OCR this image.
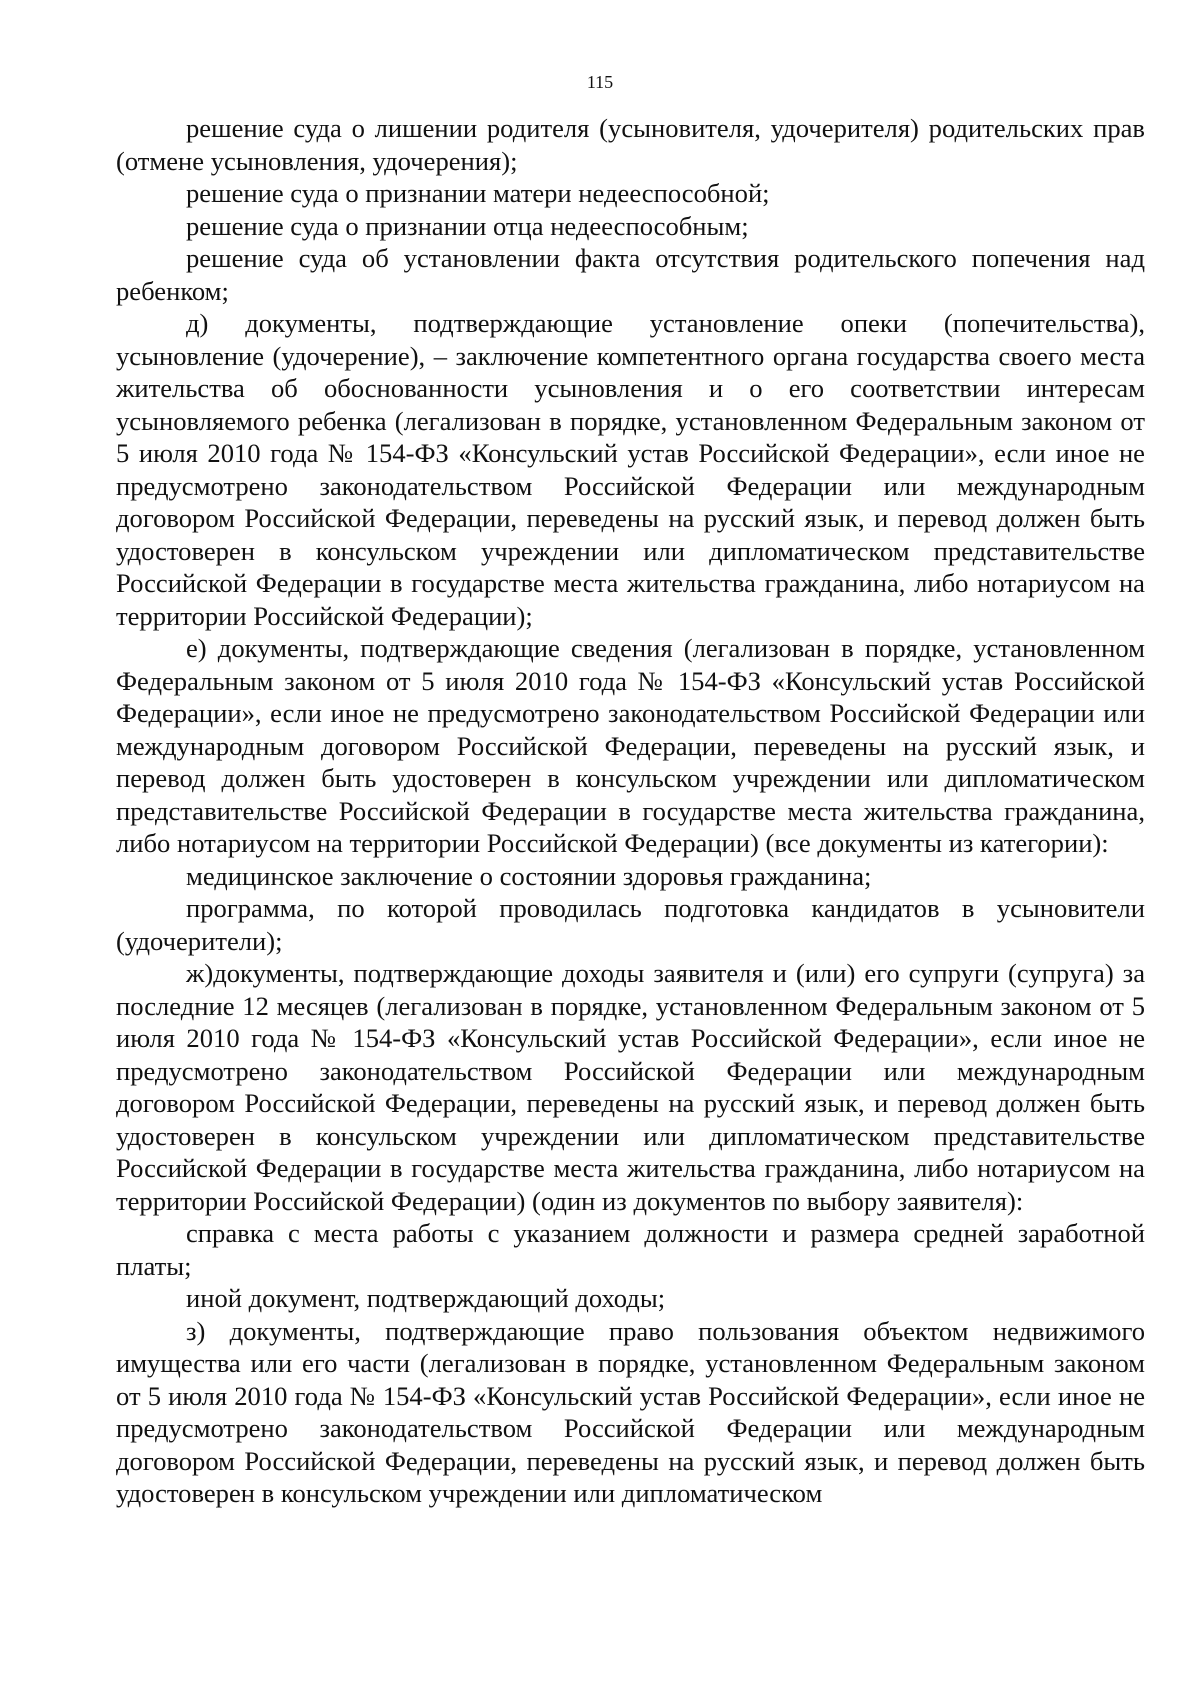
115

решение суда о лишении родителя (усыновителя, удочерителя) родительских прав (отмене усыновления, удочерения);

решение суда о признании матери недееспособной;

решение суда о признании отца недееспособным;

решение суда об установлении факта отсутствия родительского попечения над ребенком;

д) документы, подтверждающие установление опеки (попечительства), усыновление (удочерение), – заключение компетентного органа государства своего места жительства об обоснованности усыновления и о его соответствии интересам усыновляемого ребенка (легализован в порядке, установленном Федеральным законом от 5 июля 2010 года № 154-ФЗ «Консульский устав Российской Федерации», если иное не предусмотрено законодательством Российской Федерации или международным договором Российской Федерации, переведены на русский язык, и перевод должен быть удостоверен в консульском учреждении или дипломатическом представительстве Российской Федерации в государстве места жительства гражданина, либо нотариусом на территории Российской Федерации);

е) документы, подтверждающие сведения (легализован в порядке, установленном Федеральным законом от 5 июля 2010 года № 154-ФЗ «Консульский устав Российской Федерации», если иное не предусмотрено законодательством Российской Федерации или международным договором Российской Федерации, переведены на русский язык, и перевод должен быть удостоверен в консульском учреждении или дипломатическом представительстве Российской Федерации в государстве места жительства гражданина, либо нотариусом на территории Российской Федерации) (все документы из категории):

медицинское заключение о состоянии здоровья гражданина;

программа, по которой проводилась подготовка кандидатов в усыновители (удочерители);

ж)документы, подтверждающие доходы заявителя и (или) его супруги (супруга) за последние 12 месяцев (легализован в порядке, установленном Федеральным законом от 5 июля 2010 года № 154-ФЗ «Консульский устав Российской Федерации», если иное не предусмотрено законодательством Российской Федерации или международным договором Российской Федерации, переведены на русский язык, и перевод должен быть удостоверен в консульском учреждении или дипломатическом представительстве Российской Федерации в государстве места жительства гражданина, либо нотариусом на территории Российской Федерации) (один из документов по выбору заявителя):

справка с места работы с указанием должности и размера средней заработной платы;

иной документ, подтверждающий доходы;

з) документы, подтверждающие право пользования объектом недвижимого имущества или его части (легализован в порядке, установленном Федеральным законом от 5 июля 2010 года № 154-ФЗ «Консульский устав Российской Федерации», если иное не предусмотрено законодательством Российской Федерации или международным договором Российской Федерации, переведены на русский язык, и перевод должен быть удостоверен в консульском учреждении или дипломатическом
